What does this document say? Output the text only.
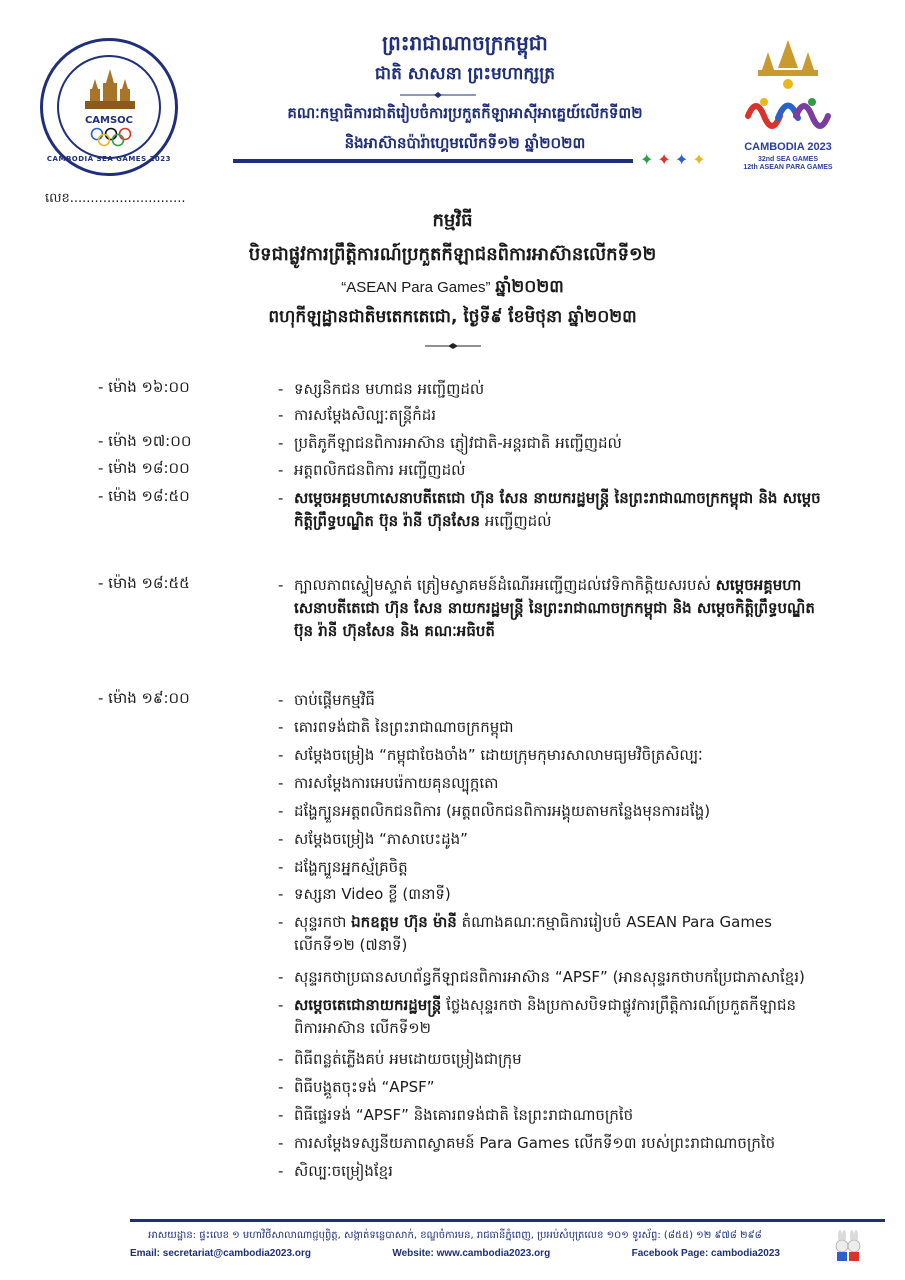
CAMSOC
CAMBODIA SEA GAMES 2023
ព្រះរាជាណាចក្រកម្ពុជា
ជាតិ សាសនា ព្រះមហាក្សត្រ
គណៈកម្មាធិការជាតិរៀបចំការប្រកួតកីឡាអាស៊ីអាគ្នេយ៍លើកទី៣២
និងអាស៊ានប៉ារ៉ាហ្គេមលើកទី១២ ឆ្នាំ២០២៣
✦✦✦✦
CAMBODIA 2023
32nd SEA GAMES
12th ASEAN PARA GAMES
លេខ............................
កម្មវិធី
បិទជាផ្លូវការព្រឹត្តិការណ៍ប្រកួតកីឡាជនពិការអាស៊ានលើកទី១២
“ASEAN Para Games” ឆ្នាំ២០២៣
ពហុកីឡដ្ឋានជាតិមតេកតេជោ, ថ្ងៃទី៩ ខែមិថុនា ឆ្នាំ២០២៣
- ម៉ោង ១៦:០០	- ទស្សនិកជន មហាជន អញ្ជើញដល់
- ការសម្តែងសិល្បៈតន្ត្រីកំដរ
- ម៉ោង ១៧:០០	- ប្រតិភូកីឡាជនពិការអាស៊ាន ភ្ញៀវជាតិ-អន្តរជាតិ អញ្ជើញដល់
- ម៉ោង ១៨:០០	- អត្តពលិកជនពិការ អញ្ជើញដល់
- ម៉ោង ១៨:៥០	- សម្តេចអគ្គមហាសេនាបតីតេជោ ហ៊ុន សែន នាយករដ្ឋមន្ត្រី នៃព្រះរាជាណាចក្រកម្ពុជា និង សម្តេចកិត្តិព្រឹទ្ធបណ្ឌិត ប៊ុន រ៉ានី ហ៊ុនសែន អញ្ជើញដល់
- ម៉ោង ១៨:៥៥	- ក្បាលភាពស្ទៀមស្ទាត់ ត្រៀមស្វាគមន៍ដំណើរអញ្ជើញដល់វេទិកាកិត្តិយសរបស់ សម្តេចអគ្គមហាសេនាបតីតេជោ ហ៊ុន សែន នាយករដ្ឋមន្ត្រី នៃព្រះរាជាណាចក្រកម្ពុជា និង សម្តេចកិត្តិព្រឹទ្ធបណ្ឌិត ប៊ុន រ៉ានី ហ៊ុនសែន និង គណៈអធិបតី
- ម៉ោង ១៩:០០	- ចាប់ផ្តើមកម្មវិធី
- គោរពទង់ជាតិ នៃព្រះរាជាណាចក្រកម្ពុជា
- សម្តែងចម្រៀង “កម្ពុជាចែងចាំង” ដោយក្រុមកុមារសាលាមធ្យមវិចិត្រសិល្បៈ
- ការសម្តែងការអេបរ៉េកាយគុនល្បុក្កតោ
- ដង្ហែក្បួនអត្តពលិកជនពិការ (អត្តពលិកជនពិការអង្គុយតាមកន្លែងមុនការដង្ហែ)
- សម្តែងចម្រៀង “ភាសាបេះដូង”
- ដង្ហែក្បួនអ្នកស្ម័គ្រចិត្ត
- ទស្សនា Video ខ្លី (៣នាទី)
- សុន្ទរកថា ឯកឧត្តម ហ៊ុន ម៉ានី តំណាងគណៈកម្មាធិការរៀបចំ ASEAN Para Games លើកទី១២ (៧នាទី)
- សុន្ទរកថាប្រធានសហព័ន្ធកីឡាជនពិការអាស៊ាន “APSF” (អានសុន្ទរកថាបកប្រែជាភាសាខ្មែរ)
- សម្តេចតេជោនាយករដ្ឋមន្ត្រី ថ្លែងសុន្ទរកថា និងប្រកាសបិទជាផ្លូវការព្រឹត្តិការណ៍ប្រកួតកីឡាជនពិការអាស៊ាន លើកទី១២
- ពិធីពន្លត់ភ្លើងគប់ អមដោយចម្រៀងជាក្រុម
- ពិធីបង្គួតចុះទង់ “APSF”
- ពិធីផ្ទេរទង់ “APSF” និងគោរពទង់ជាតិ នៃព្រះរាជាណាចក្រថៃ
- ការសម្តែងទស្សនីយភាពស្វាគមន៍ Para Games លើកទី១៣ របស់ព្រះរាជាណាចក្រថៃ
- សិល្បៈចម្រៀងខ្មែរ
អាសយដ្ឋាន: ផ្ទះលេខ ១ មហាវិថីសាលាណាជ្ជបុព្វិត្ត, សង្កាត់ទន្លេបាសាក់, ខណ្ឌចំការមន, រាជធានីភ្នំពេញ, ប្រអប់សំបុត្រលេខ ១០១ ទូរស័ព្ទ: (៨៥៥) ១២ ៩៧៨ ២៩៨
Email: secretariat@cambodia2023.org	Website: www.cambodia2023.org	Facebook Page: cambodia2023
